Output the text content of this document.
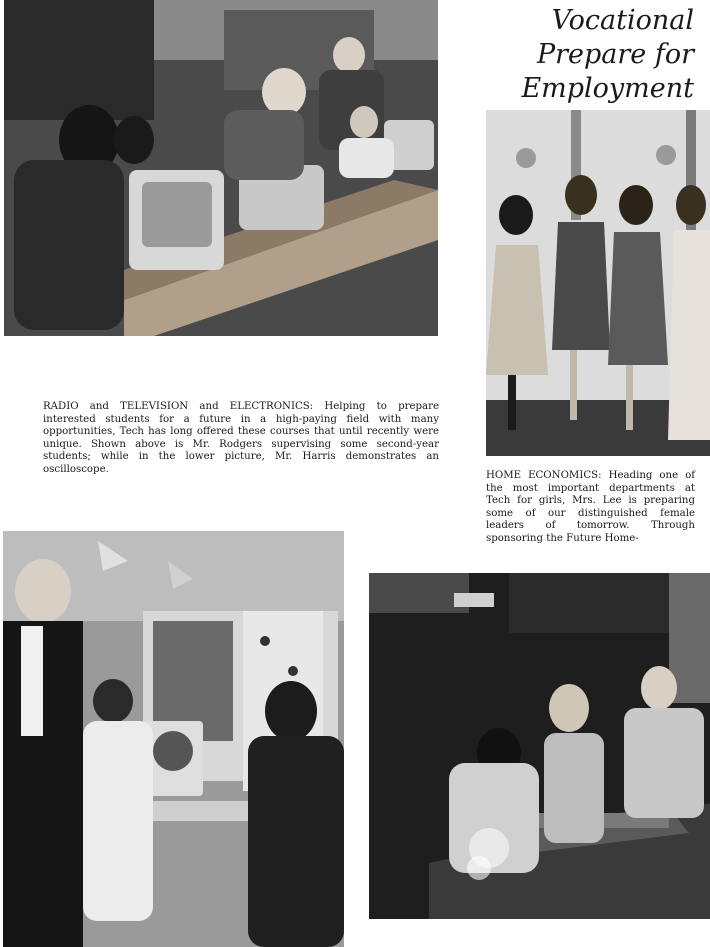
Vocational
Prepare for
Employment

RADIO and TELEVISION and ELECTRONICS: Helping to prepare interested students for a future in a high-paying field with many opportunities, Tech has long offered these courses that until recently were unique. Shown above is Mr. Rodgers supervising some second-year students; while in the lower picture, Mr. Harris demonstrates an oscilloscope.

HOME ECONOMICS: Heading one of the most important departments at Tech for girls, Mrs. Lee is preparing some of our distinguished female leaders of tomorrow. Through sponsoring the Future Home-
